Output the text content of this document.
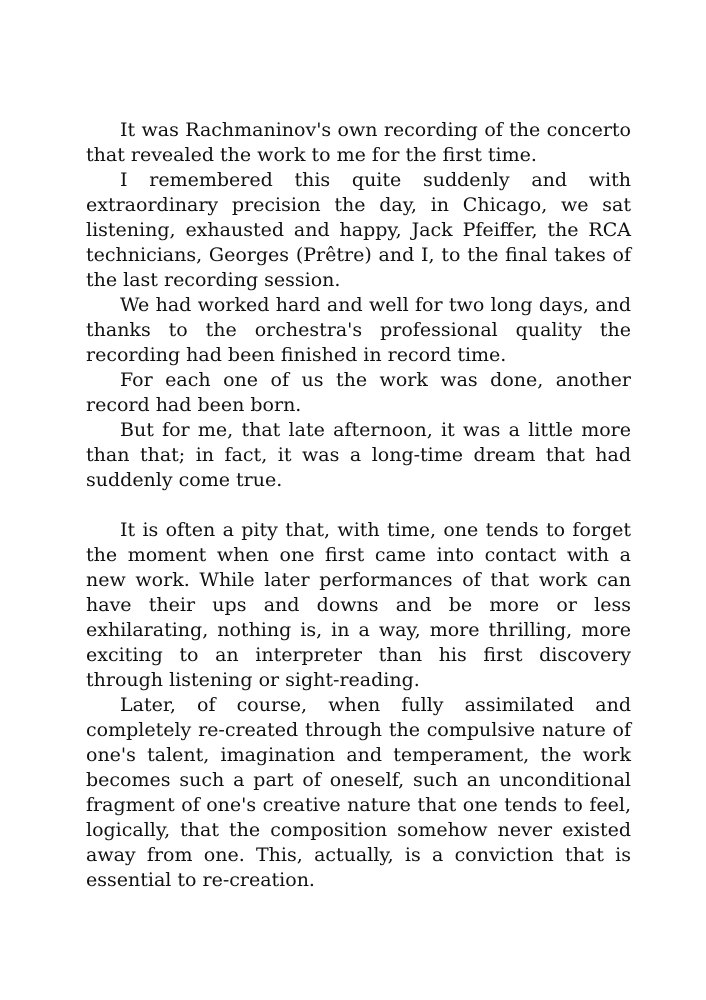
It was Rachmaninov's own recording of the concerto that revealed the work to me for the first time.

I remembered this quite suddenly and with extraordinary precision the day, in Chicago, we sat listening, exhausted and happy, Jack Pfeiffer, the RCA technicians, Georges (Prêtre) and I, to the final takes of the last recording session.

We had worked hard and well for two long days, and thanks to the orchestra's professional quality the recording had been finished in record time.

For each one of us the work was done, another record had been born.

But for me, that late afternoon, it was a little more than that; in fact, it was a long-time dream that had suddenly come true.

It is often a pity that, with time, one tends to forget the moment when one first came into contact with a new work. While later performances of that work can have their ups and downs and be more or less exhilarating, nothing is, in a way, more thrilling, more exciting to an interpreter than his first discovery through listening or sight-reading.

Later, of course, when fully assimilated and completely re-created through the compulsive nature of one's talent, imagination and temperament, the work becomes such a part of oneself, such an unconditional fragment of one's creative nature that one tends to feel, logically, that the composition somehow never existed away from one. This, actually, is a conviction that is essential to re-creation.
